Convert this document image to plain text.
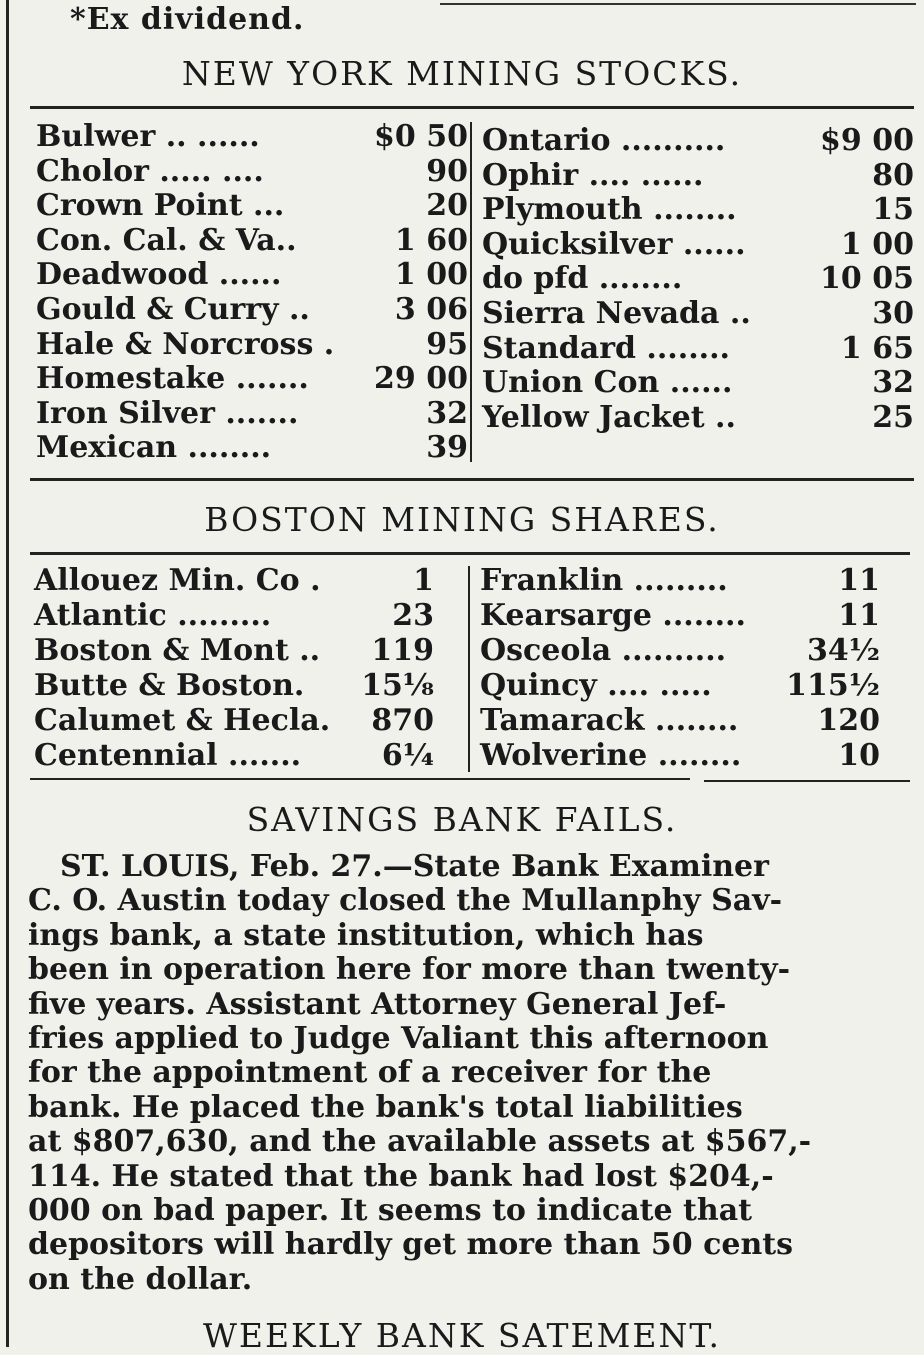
*Ex dividend.
NEW YORK MINING STOCKS.
Bulwer .. ......	$0 50
Cholor ..... ....	90
Crown Point ...	20
Con. Cal. & Va..	1 60
Deadwood ......	1 00
Gould & Curry ..	3 06
Hale & Norcross .	95
Homestake ....... 29 00
Iron Silver .......	32
Mexican ........	39
Ontario ..........	$9 00
Ophir .... ......	80
Plymouth ........	15
Quicksilver ......	1 00
do pfd ........	10 05
Sierra Nevada ..	30
Standard ........	1 65
Union Con ......	32
Yellow Jacket ..	25
BOSTON MINING SHARES.
Allouez Min. Co .	1
Atlantic .........	23
Boston & Mont .. 119
Butte & Boston. 15⅛
Calumet & Hecla. 870
Centennial .......	6¼
Franklin .........	11
Kearsarge ........	11
Osceola ..........	34½
Quincy .... ..... 115½
Tamarack ........	120
Wolverine ........	10
SAVINGS BANK FAILS.
ST. LOUIS, Feb. 27.—State Bank Examiner
C. O. Austin today closed the Mullanphy Sav-
ings bank, a state institution, which has
been in operation here for more than twenty-
five years. Assistant Attorney General Jef-
fries applied to Judge Valiant this afternoon
for the appointment of a receiver for the
bank. He placed the bank's total liabilities
at $807,630, and the available assets at $567,-
114. He stated that the bank had lost $204,-
000 on bad paper. It seems to indicate that
depositors will hardly get more than 50 cents
on the dollar.
WEEKLY BANK SATEMENT.
